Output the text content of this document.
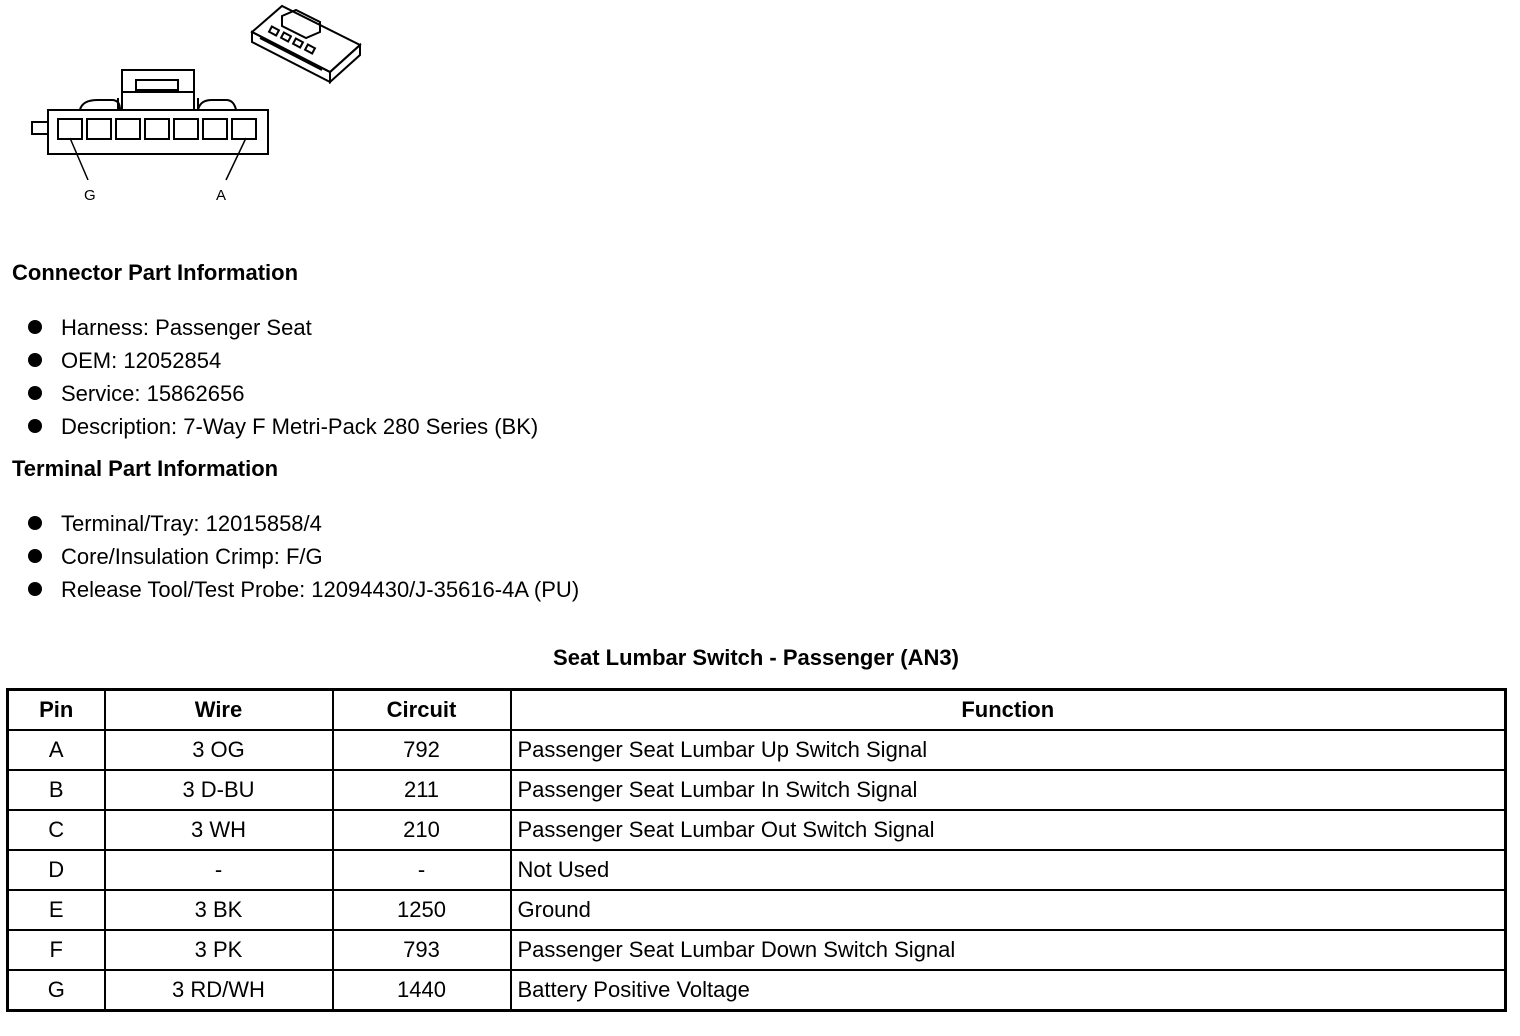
G	A
Connector Part Information
Harness: Passenger Seat
OEM: 12052854
Service: 15862656
Description: 7-Way F Metri-Pack 280 Series (BK)
Terminal Part Information
Terminal/Tray: 12015858/4
Core/Insulation Crimp: F/G
Release Tool/Test Probe: 12094430/J-35616-4A (PU)
Seat Lumbar Switch - Passenger (AN3)
Pin	Wire	Circuit	Function
A	3 OG	792	Passenger Seat Lumbar Up Switch Signal
B	3 D-BU	211	Passenger Seat Lumbar In Switch Signal
C	3 WH	210	Passenger Seat Lumbar Out Switch Signal
D	-	-	Not Used
E	3 BK	1250	Ground
F	3 PK	793	Passenger Seat Lumbar Down Switch Signal
G	3 RD/WH	1440	Battery Positive Voltage
